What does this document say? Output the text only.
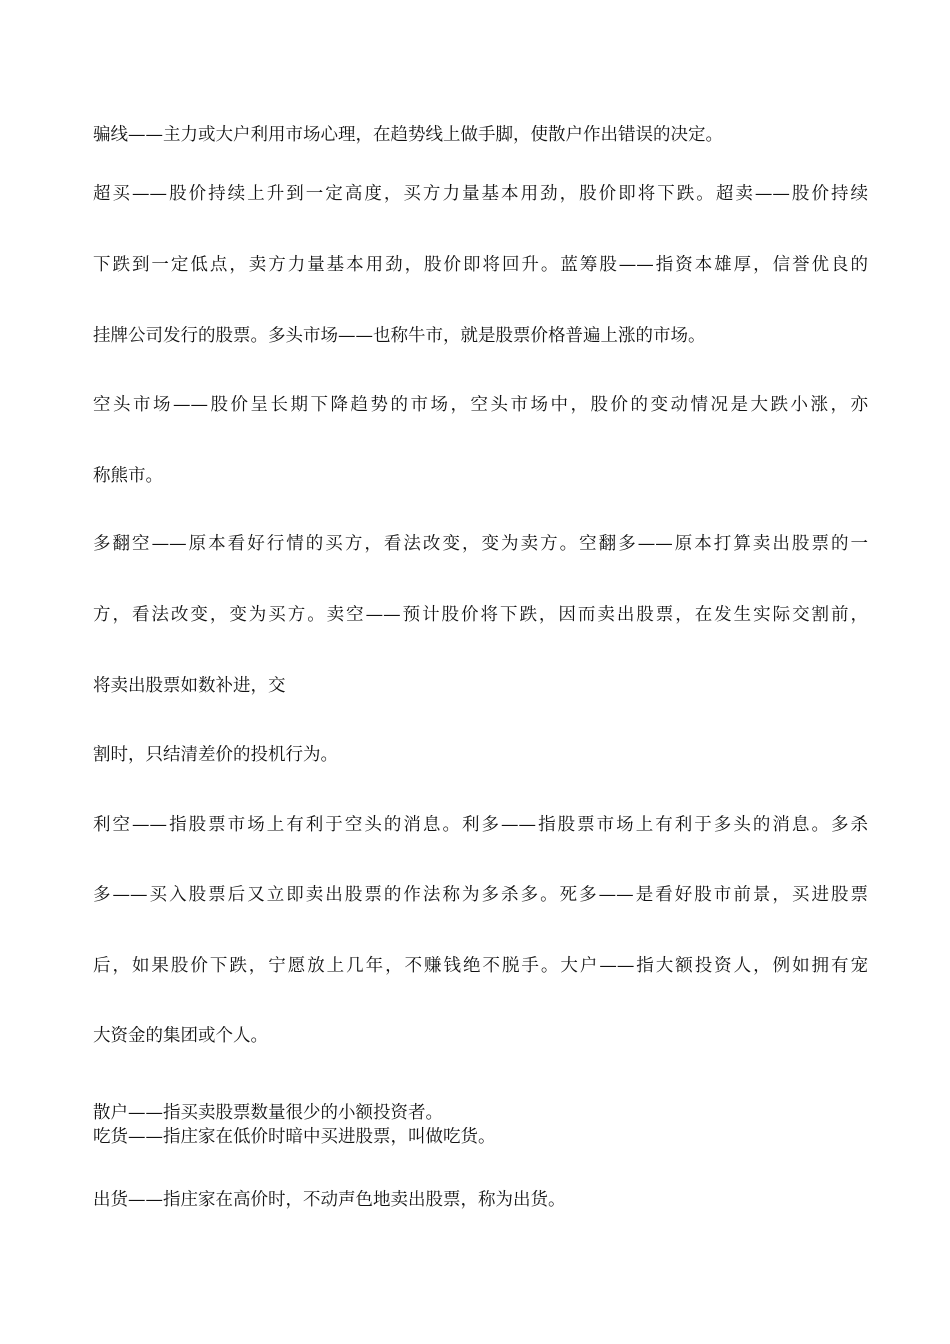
骗线——主力或大户利用市场心理，在趋势线上做手脚，使散户作出错误的决定。

超买——股价持续上升到一定高度，买方力量基本用劲，股价即将下跌。超卖——股价持续

下跌到一定低点，卖方力量基本用劲，股价即将回升。蓝筹股——指资本雄厚，信誉优良的

挂牌公司发行的股票。多头市场——也称牛市，就是股票价格普遍上涨的市场。

空头市场——股价呈长期下降趋势的市场，空头市场中，股价的变动情况是大跌小涨，亦

称熊市。

多翻空——原本看好行情的买方，看法改变，变为卖方。空翻多——原本打算卖出股票的一

方，看法改变，变为买方。卖空——预计股价将下跌，因而卖出股票，在发生实际交割前，

将卖出股票如数补进，交

割时，只结清差价的投机行为。

利空——指股票市场上有利于空头的消息。利多——指股票市场上有利于多头的消息。多杀

多——买入股票后又立即卖出股票的作法称为多杀多。死多——是看好股市前景，买进股票

后，如果股价下跌，宁愿放上几年，不赚钱绝不脱手。大户——指大额投资人，例如拥有宠

大资金的集团或个人。

散户——指买卖股票数量很少的小额投资者。

吃货——指庄家在低价时暗中买进股票，叫做吃货。

出货——指庄家在高价时，不动声色地卖出股票，称为出货。
